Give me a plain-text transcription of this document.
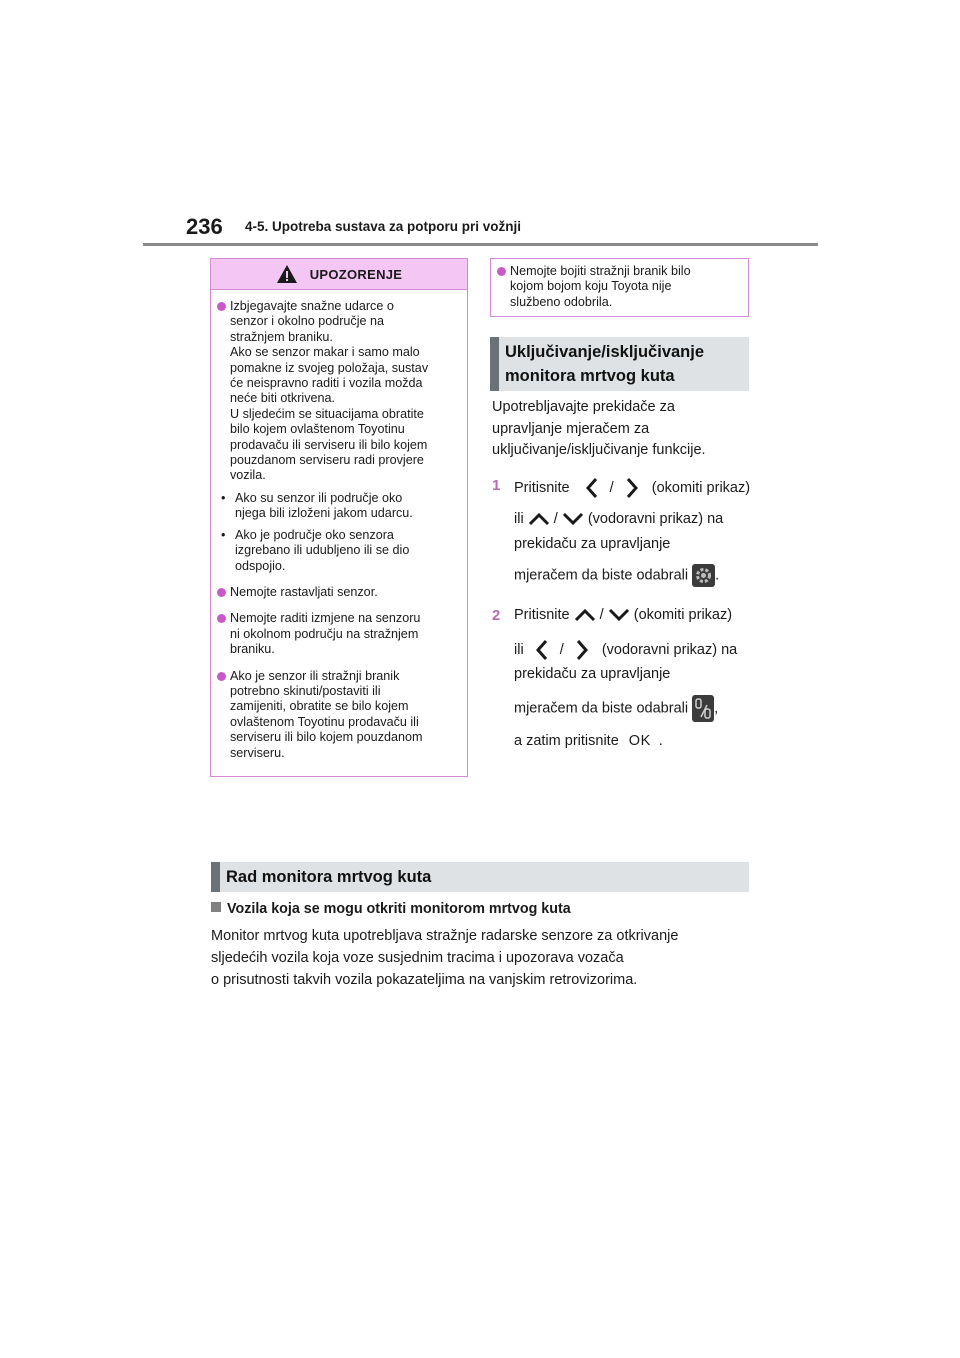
236 4-5. Upotreba sustava za potporu pri vožnji
UPOZORENJE
Izbjegavajte snažne udarce o
senzor i okolno područje na
stražnjem braniku.
Ako se senzor makar i samo malo
pomakne iz svojeg položaja, sustav
će neispravno raditi i vozila možda
neće biti otkrivena.
U sljedećim se situacijama obratite
bilo kojem ovlaštenom Toyotinu
prodavaču ili serviseru ili bilo kojem
pouzdanom serviseru radi provjere
vozila.
• Ako su senzor ili područje oko
njega bili izloženi jakom udarcu.
• Ako je područje oko senzora
izgrebano ili udubljeno ili se dio
odspojio.
Nemojte rastavljati senzor.
Nemojte raditi izmjene na senzoru
ni okolnom području na stražnjem
braniku.
Ako je senzor ili stražnji branik
potrebno skinuti/postaviti ili
zamijeniti, obratite se bilo kojem
ovlaštenom Toyotinu prodavaču ili
serviseru ili bilo kojem pouzdanom
serviseru.
Nemojte bojiti stražnji branik bilo
kojom bojom koju Toyota nije
službeno odobrila.
Uključivanje/isključivanje
monitora mrtvog kuta
Upotrebljavajte prekidače za
upravljanje mjeračem za
uključivanje/isključivanje funkcije.
1 Pritisnite	/	(okomiti prikaz)
ili / (vodoravni prikaz) na
prekidaču za upravljanje
mjeračem da biste odabrali .
2 Pritisnite / (okomiti prikaz)
ili /	(vodoravni prikaz) na
prekidaču za upravljanje
mjeračem da biste odabrali ,
a zatim pritisnite OK .
Rad monitora mrtvog kuta
Vozila koja se mogu otkriti monitorom mrtvog kuta
Monitor mrtvog kuta upotrebljava stražnje radarske senzore za otkrivanje
sljedećih vozila koja voze susjednim tracima i upozorava vozača
o prisutnosti takvih vozila pokazateljima na vanjskim retrovizorima.
